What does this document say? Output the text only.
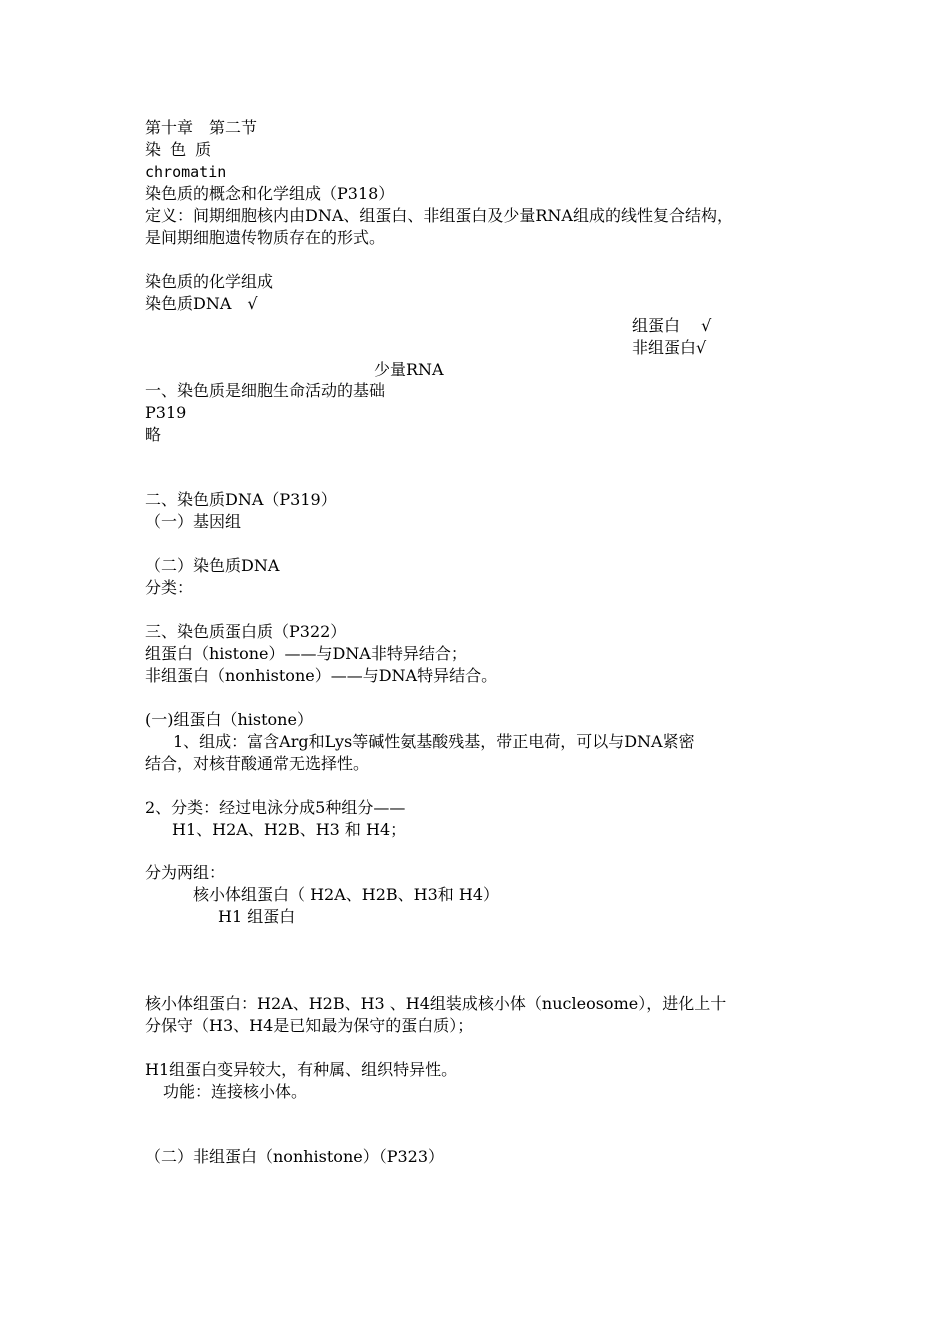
第十章　第二节

染 色 质

chromatin

染色质的概念和化学组成（P318）

定义：间期细胞核内由DNA、组蛋白、非组蛋白及少量RNA组成的线性复合结构，

是间期细胞遗传物质存在的形式。

染色质的化学组成

染色质DNA　√

组蛋白　 √

非组蛋白√

少量RNA

一、染色质是细胞生命活动的基础

P319

略

二、染色质DNA（P319）

（一）基因组

（二）染色质DNA

分类：

三、染色质蛋白质（P322）

组蛋白（histone）——与DNA非特异结合；

非组蛋白（nonhistone）——与DNA特异结合。

(一)组蛋白（histone）

1、组成：富含Arg和Lys等碱性氨基酸残基，带正电荷，可以与DNA紧密

结合，对核苷酸通常无选择性。

2、分类：经过电泳分成5种组分——

H1、H2A、H2B、H3 和 H4；

分为两组：

核小体组蛋白（ H2A、H2B、H3和 H4）

H1 组蛋白

核小体组蛋白：H2A、H2B、H3 、H4组装成核小体（nucleosome），进化上十

分保守（H3、H4是已知最为保守的蛋白质）；

H1组蛋白变异较大，有种属、组织特异性。

功能：连接核小体。

（二）非组蛋白（nonhistone）（P323）
